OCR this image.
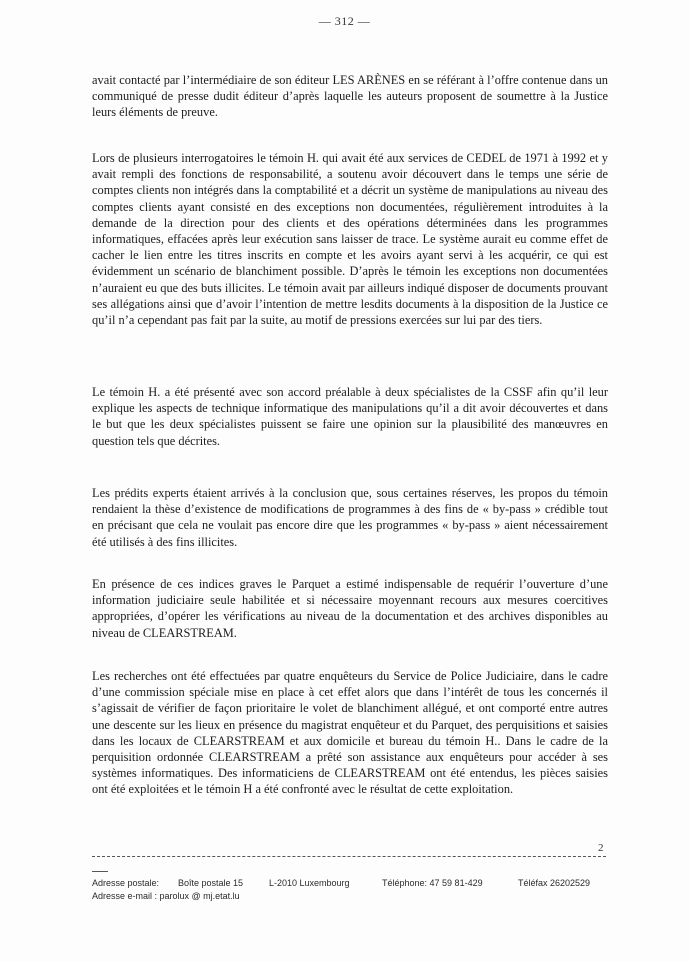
— 312 —

avait contacté par l’intermédiaire de son éditeur LES ARÈNES en se référant à l’offre contenue dans un communiqué de presse dudit éditeur d’après laquelle les auteurs proposent de soumettre à la Justice leurs éléments de preuve.

Lors de plusieurs interrogatoires le témoin H. qui avait été aux services de CEDEL de 1971 à 1992 et y avait rempli des fonctions de responsabilité, a soutenu avoir découvert dans le temps une série de comptes clients non intégrés dans la comptabilité et a décrit un système de manipulations au niveau des comptes clients ayant consisté en des exceptions non documentées, régulièrement introduites à la demande de la direction pour des clients et des opérations déterminées dans les programmes informatiques, effacées après leur exécution sans laisser de trace. Le système aurait eu comme effet de cacher le lien entre les titres inscrits en compte et les avoirs ayant servi à les acquérir, ce qui est évidemment un scénario de blanchiment possible. D’après le témoin les exceptions non documentées n’auraient eu que des buts illicites. Le témoin avait par ailleurs indiqué disposer de documents prouvant ses allégations ainsi que d’avoir l’intention de mettre lesdits documents à la disposition de la Justice ce qu’il n’a cependant pas fait par la suite, au motif de pressions exercées sur lui par des tiers.

Le témoin H. a été présenté avec son accord préalable à deux spécialistes de la CSSF afin qu’il leur explique les aspects de technique informatique des manipulations qu’il a dit avoir découvertes et dans le but que les deux spécialistes puissent se faire une opinion sur la plausibilité des manœuvres en question tels que décrites.

Les prédits experts étaient arrivés à la conclusion que, sous certaines réserves, les propos du témoin rendaient la thèse d’existence de modifications de programmes à des fins de « by-pass » crédible tout en précisant que cela ne voulait pas encore dire que les programmes « by-pass » aient nécessairement été utilisés à des fins illicites.

En présence de ces indices graves le Parquet a estimé indispensable de requérir l’ouverture d’une information judiciaire seule habilitée et si nécessaire moyennant recours aux mesures coercitives appropriées, d’opérer les vérifications au niveau de la documentation et des archives disponibles au niveau de CLEARSTREAM.

Les recherches ont été effectuées par quatre enquêteurs du Service de Police Judiciaire, dans le cadre d’une commission spéciale mise en place à cet effet alors que dans l’intérêt de tous les concernés il s’agissait de vérifier de façon prioritaire le volet de blanchiment allégué, et ont comporté entre autres une descente sur les lieux en présence du magistrat enquêteur et du Parquet, des perquisitions et saisies dans les locaux de CLEARSTREAM et aux domicile et bureau du témoin H.. Dans le cadre de la perquisition ordonnée CLEARSTREAM a prêté son assistance aux enquêteurs pour accéder à ses systèmes informatiques. Des informaticiens de CLEARSTREAM ont été entendus, les pièces saisies ont été exploitées et le témoin H a été confronté avec le résultat de cette exploitation.

2
Adresse postale: Boîte postale 15	L-2010 Luxembourg	Téléphone: 47 59 81-429	Téléfax 26202529
Adresse e-mail : parolux @ mj.etat.lu
